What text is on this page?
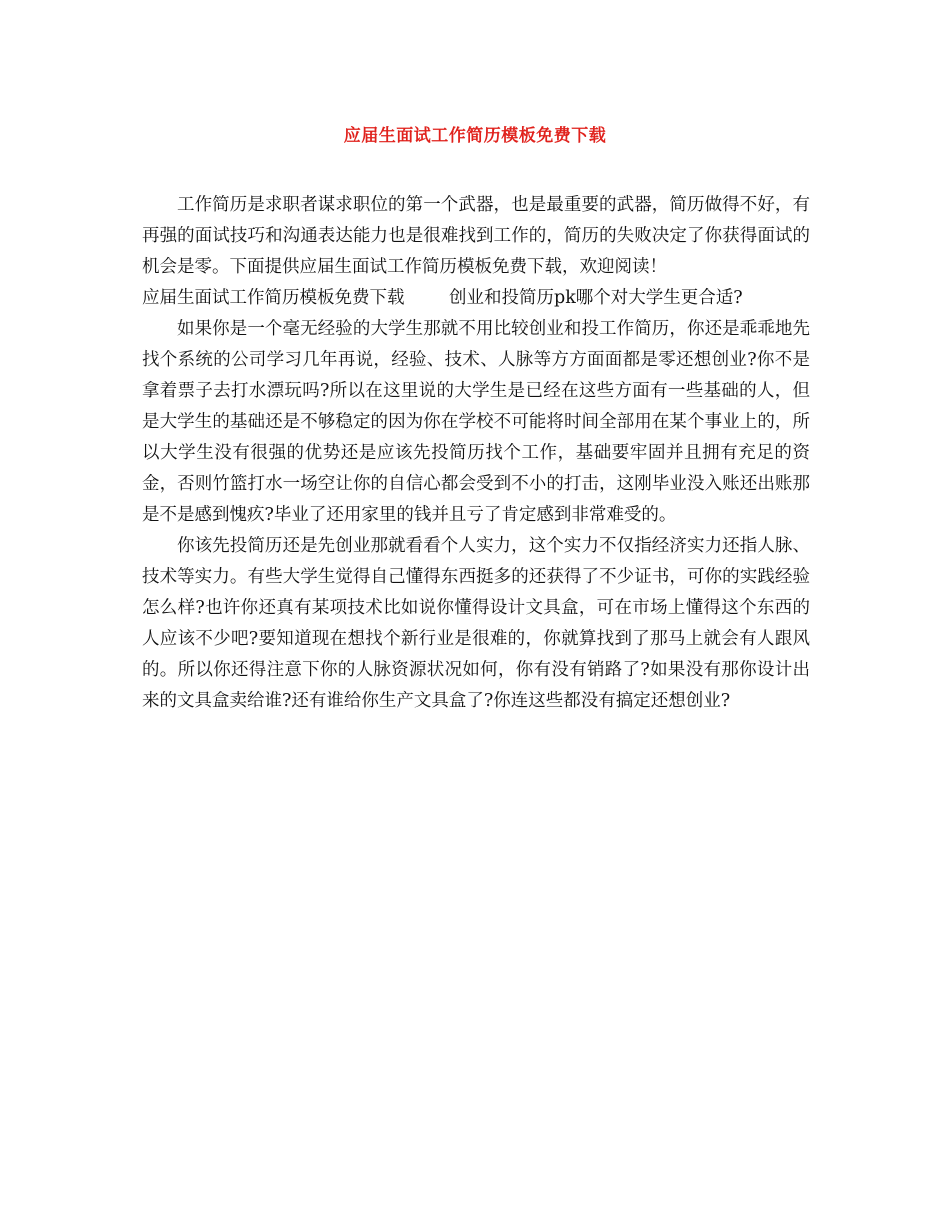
应届生面试工作简历模板免费下载

工作简历是求职者谋求职位的第一个武器，也是最重要的武器，简历做得不好，有再强的面试技巧和沟通表达能力也是很难找到工作的，简历的失败决定了你获得面试的机会是零。下面提供应届生面试工作简历模板免费下载，欢迎阅读！

应届生面试工作简历模板免费下载        创业和投简历pk哪个对大学生更合适?

如果你是一个毫无经验的大学生那就不用比较创业和投工作简历，你还是乖乖地先找个系统的公司学习几年再说，经验、技术、人脉等方方面面都是零还想创业?你不是拿着票子去打水漂玩吗?所以在这里说的大学生是已经在这些方面有一些基础的人，但是大学生的基础还是不够稳定的因为你在学校不可能将时间全部用在某个事业上的，所以大学生没有很强的优势还是应该先投简历找个工作，基础要牢固并且拥有充足的资金，否则竹篮打水一场空让你的自信心都会受到不小的打击，这刚毕业没入账还出账那是不是感到愧疚?毕业了还用家里的钱并且亏了肯定感到非常难受的。

你该先投简历还是先创业那就看看个人实力，这个实力不仅指经济实力还指人脉、技术等实力。有些大学生觉得自己懂得东西挺多的还获得了不少证书，可你的实践经验怎么样?也许你还真有某项技术比如说你懂得设计文具盒，可在市场上懂得这个东西的人应该不少吧?要知道现在想找个新行业是很难的，你就算找到了那马上就会有人跟风的。所以你还得注意下你的人脉资源状况如何，你有没有销路了?如果没有那你设计出来的文具盒卖给谁?还有谁给你生产文具盒了?你连这些都没有搞定还想创业?
